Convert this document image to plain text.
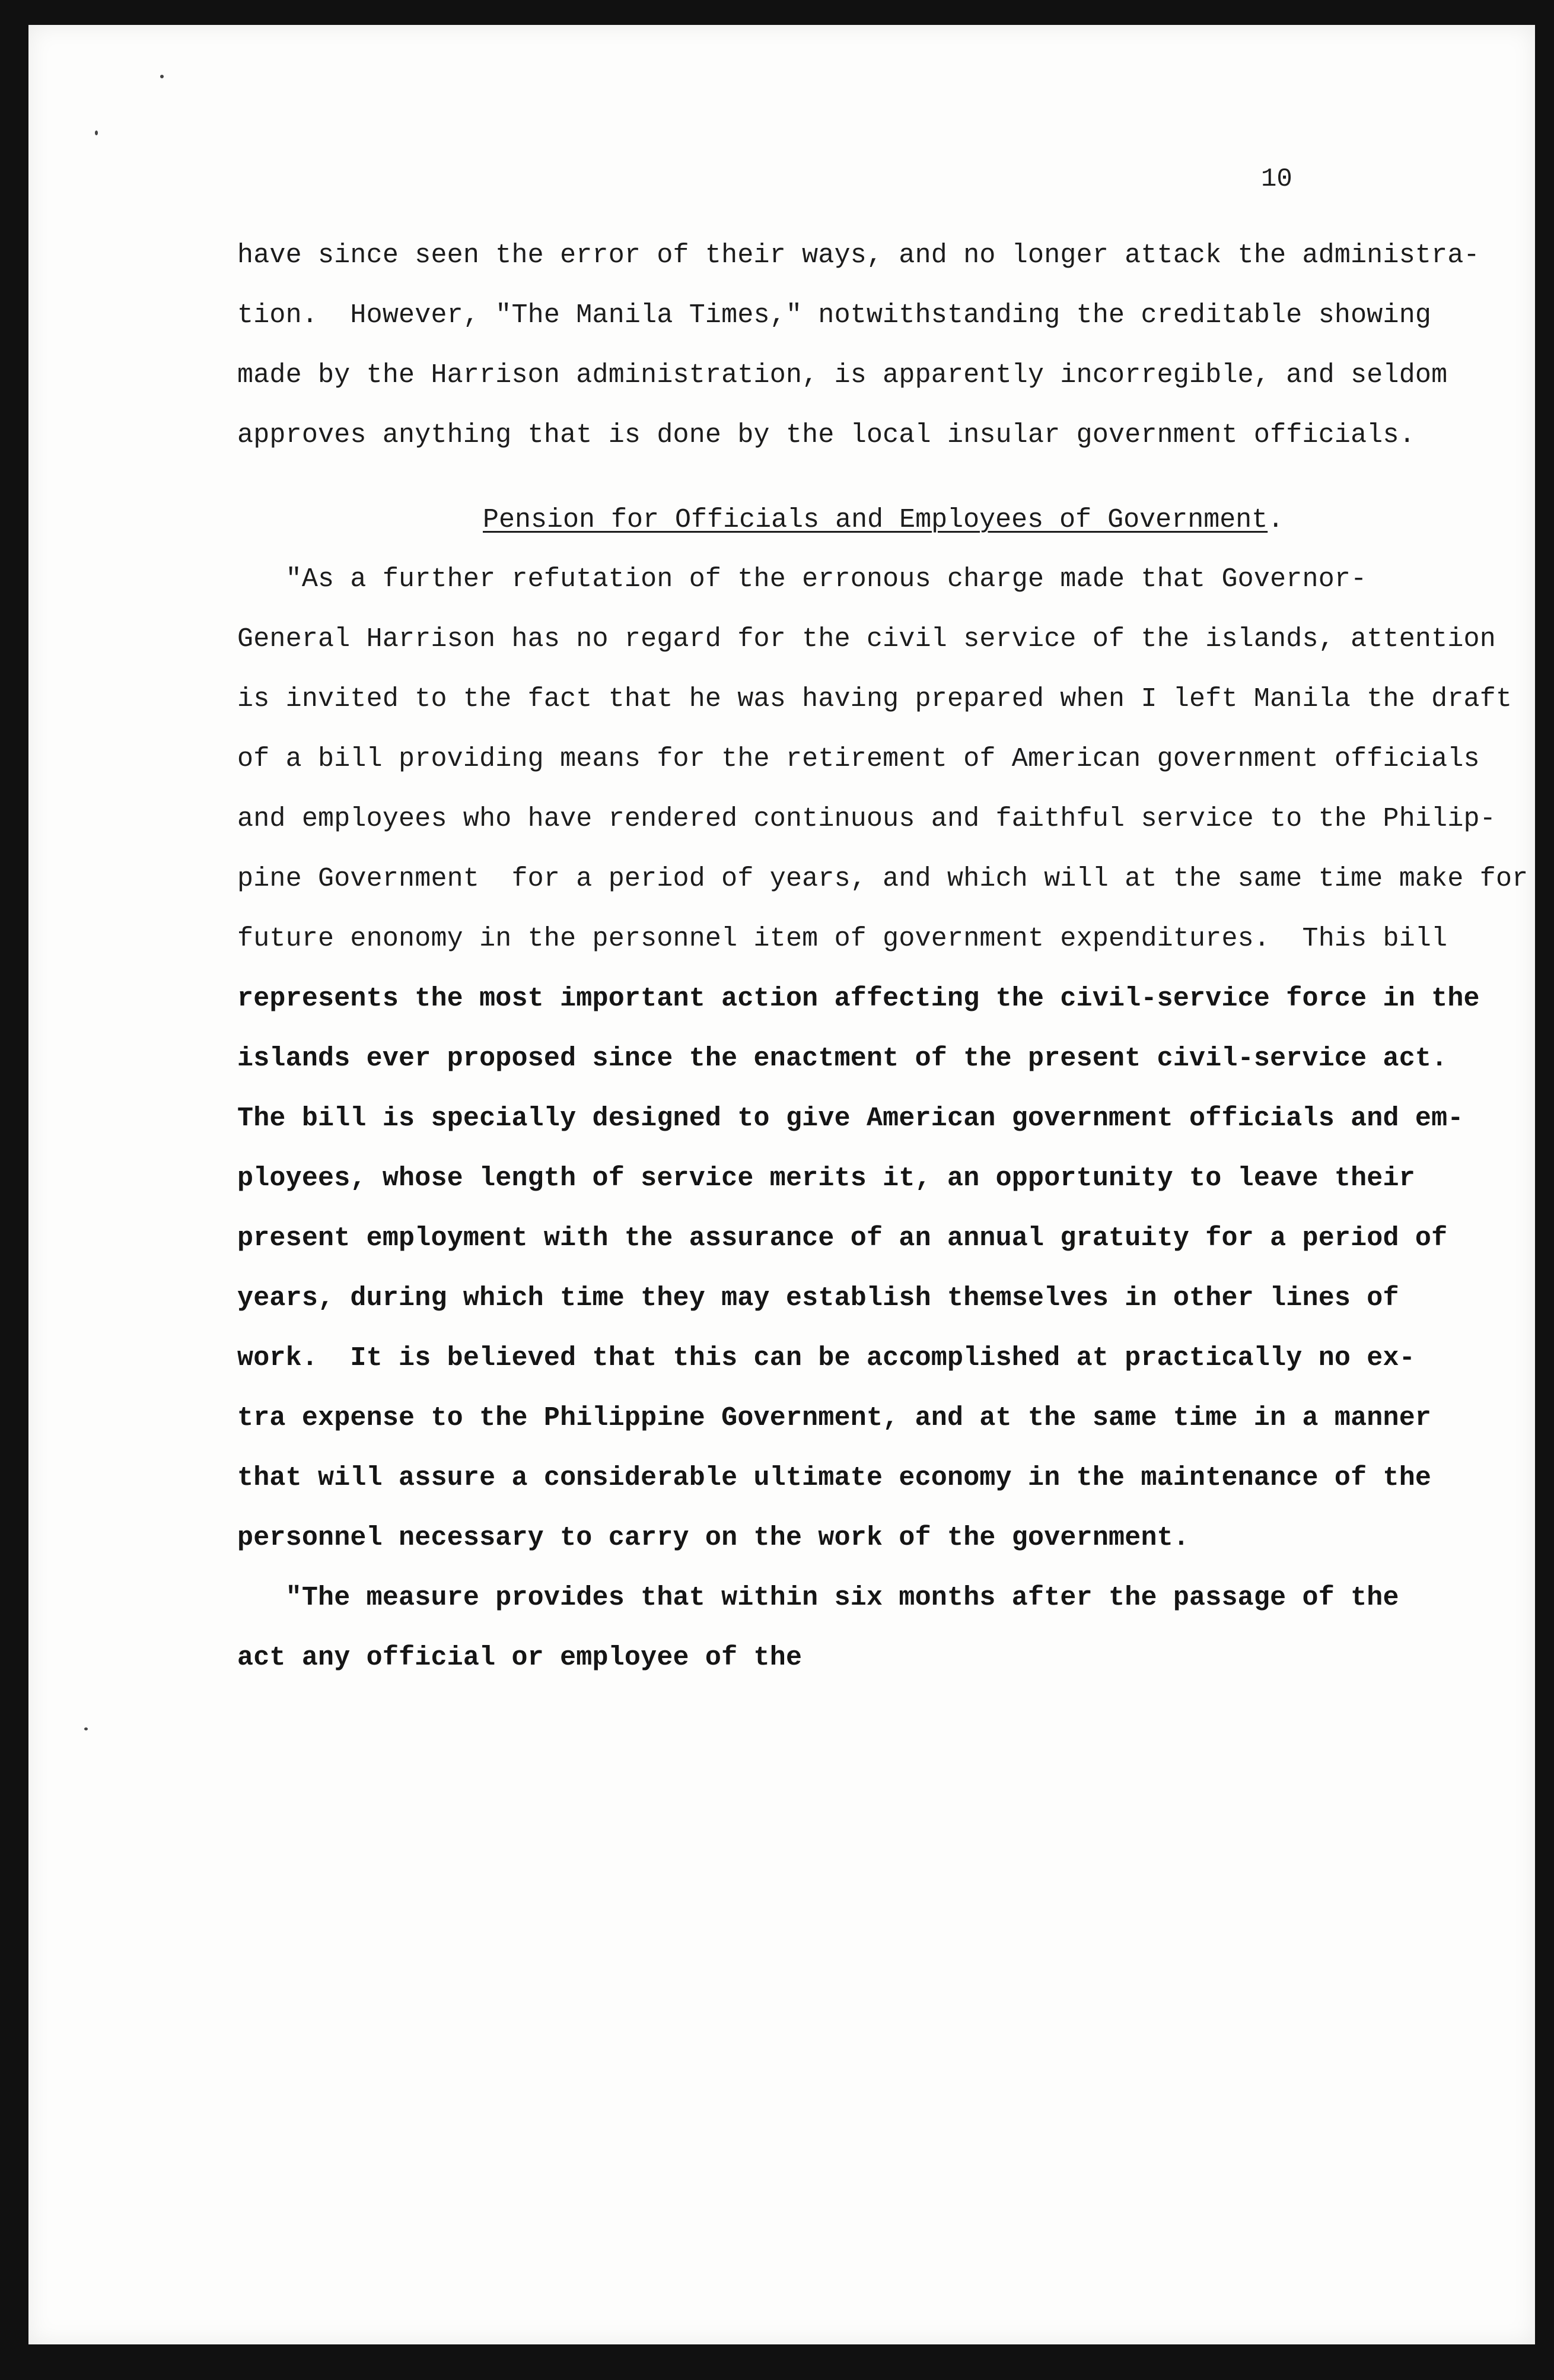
10

have since seen the error of their ways, and no longer attack the administra-

tion.  However, "The Manila Times," notwithstanding the creditable showing

made by the Harrison administration, is apparently incorregible, and seldom

approves anything that is done by the local insular government officials.

Pension for Officials and Employees of Government.

"As a further refutation of the erronous charge made that Governor-

General Harrison has no regard for the civil service of the islands, attention

is invited to the fact that he was having prepared when I left Manila the draft

of a bill providing means for the retirement of American government officials

and employees who have rendered continuous and faithful service to the Philip-

pine Government  for a period of years, and which will at the same time make for

future enonomy in the personnel item of government expenditures.  This bill

represents the most important action affecting the civil-service force in the

islands ever proposed since the enactment of the present civil-service act.

The bill is specially designed to give American government officials and em-

ployees, whose length of service merits it, an opportunity to leave their

present employment with the assurance of an annual gratuity for a period of

years, during which time they may establish themselves in other lines of

work.  It is believed that this can be accomplished at practically no ex-

tra expense to the Philippine Government, and at the same time in a manner

that will assure a considerable ultimate economy in the maintenance of the

personnel necessary to carry on the work of the government.

"The measure provides that within six months after the passage of the

act any official or employee of the
